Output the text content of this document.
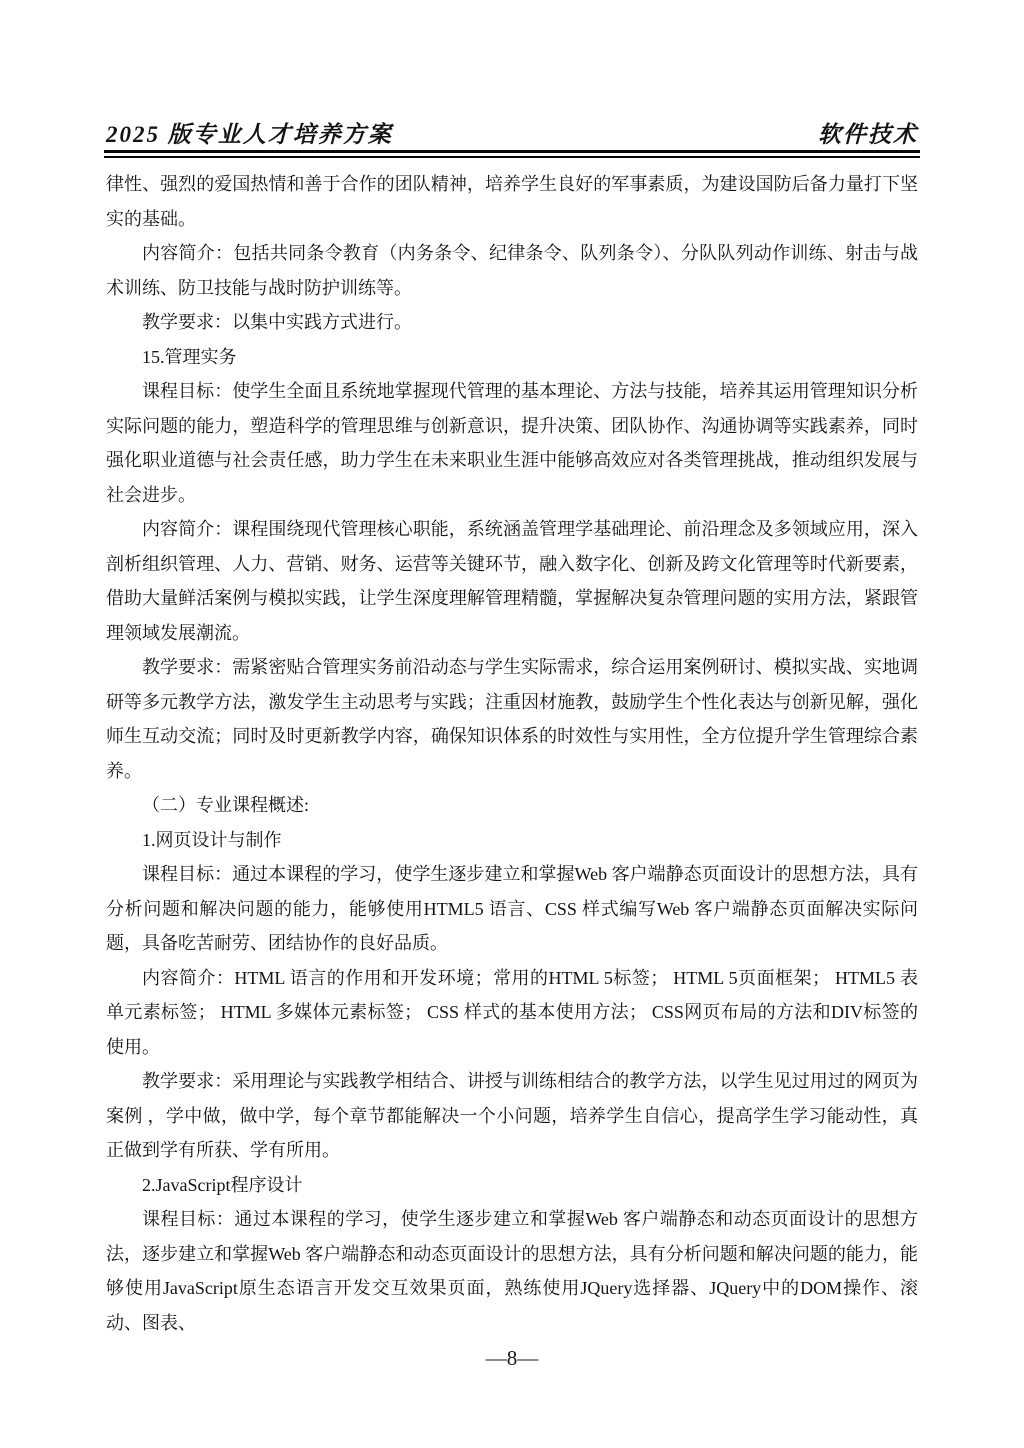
2025 版专业人才培养方案	软件技术

律性、强烈的爱国热情和善于合作的团队精神，培养学生良好的军事素质，为建设国防后备力量打下坚实的基础。

内容简介：包括共同条令教育（内务条令、纪律条令、队列条令）、分队队列动作训练、射击与战术训练、防卫技能与战时防护训练等。

教学要求：以集中实践方式进行。

15.管理实务

课程目标：使学生全面且系统地掌握现代管理的基本理论、方法与技能，培养其运用管理知识分析实际问题的能力，塑造科学的管理思维与创新意识，提升决策、团队协作、沟通协调等实践素养，同时强化职业道德与社会责任感，助力学生在未来职业生涯中能够高效应对各类管理挑战，推动组织发展与社会进步。

内容简介：课程围绕现代管理核心职能，系统涵盖管理学基础理论、前沿理念及多领域应用，深入剖析组织管理、人力、营销、财务、运营等关键环节，融入数字化、创新及跨文化管理等时代新要素，借助大量鲜活案例与模拟实践，让学生深度理解管理精髓，掌握解决复杂管理问题的实用方法，紧跟管理领域发展潮流。

教学要求：需紧密贴合管理实务前沿动态与学生实际需求，综合运用案例研讨、模拟实战、实地调研等多元教学方法，激发学生主动思考与实践；注重因材施教，鼓励学生个性化表达与创新见解，强化师生互动交流；同时及时更新教学内容，确保知识体系的时效性与实用性，全方位提升学生管理综合素养。

（二）专业课程概述:

1.网页设计与制作

课程目标：通过本课程的学习，使学生逐步建立和掌握Web 客户端静态页面设计的思想方法，具有分析问题和解决问题的能力，能够使用HTML5 语言、CSS 样式编写Web 客户端静态页面解决实际问题，具备吃苦耐劳、团结协作的良好品质。

内容简介：HTML 语言的作用和开发环境；常用的HTML 5标签； HTML 5页面框架； HTML5 表单元素标签； HTML 多媒体元素标签； CSS 样式的基本使用方法； CSS网页布局的方法和DIV标签的使用。

教学要求：采用理论与实践教学相结合、讲授与训练相结合的教学方法，以学生见过用过的网页为案例 ，学中做，做中学，每个章节都能解决一个小问题，培养学生自信心，提高学生学习能动性，真正做到学有所获、学有所用。

2.JavaScript程序设计

课程目标：通过本课程的学习，使学生逐步建立和掌握Web 客户端静态和动态页面设计的思想方法，逐步建立和掌握Web 客户端静态和动态页面设计的思想方法，具有分析问题和解决问题的能力，能够使用JavaScript原生态语言开发交互效果页面，熟练使用JQuery选择器、JQuery中的DOM操作、滚动、图表、

—8—
